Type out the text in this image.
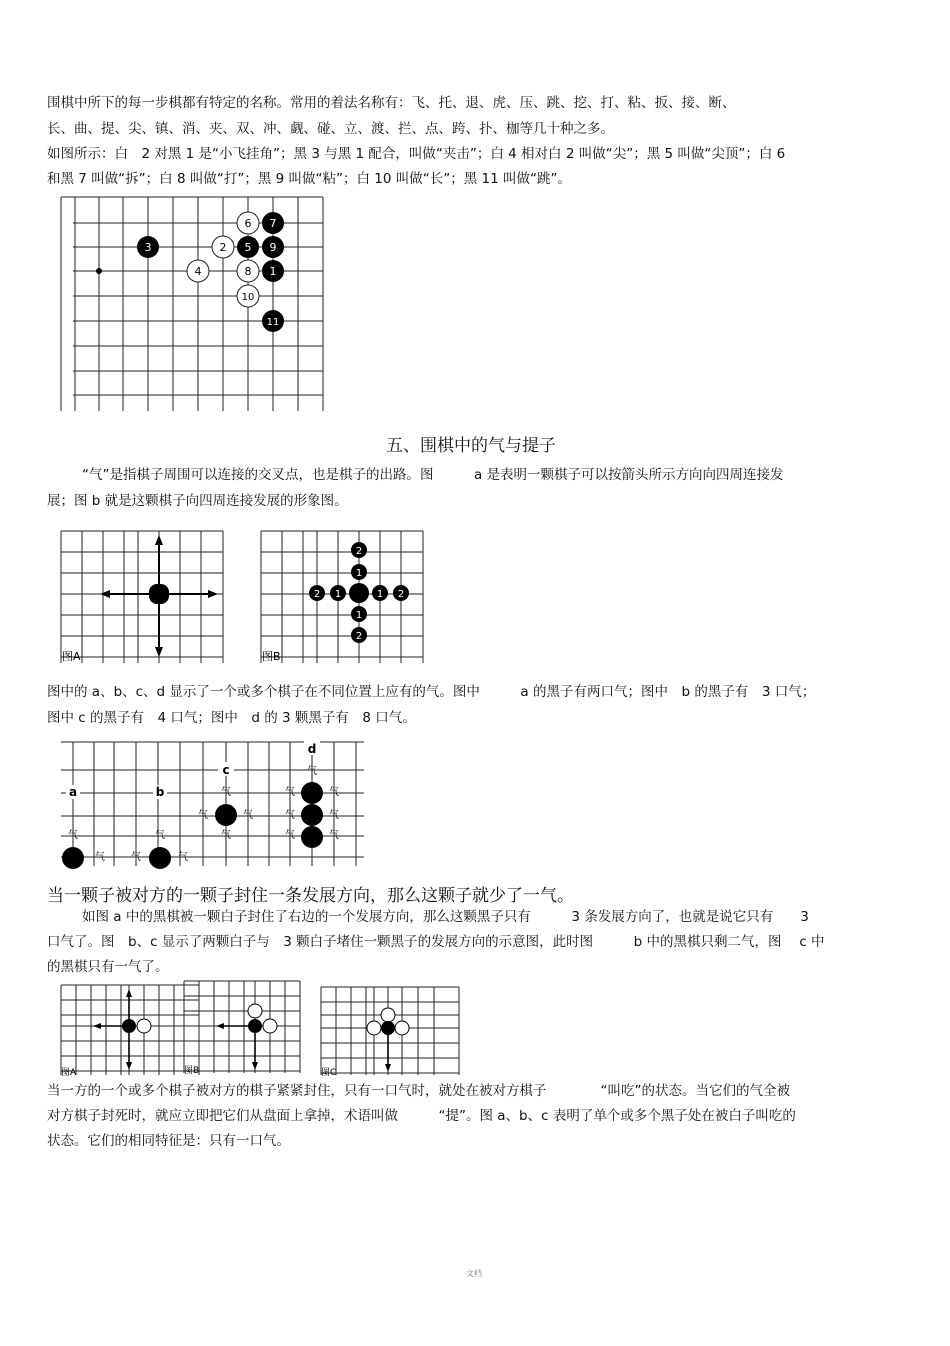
围棋中所下的每一步棋都有特定的名称。常用的着法名称有：飞、托、退、虎、压、跳、挖、打、粘、扳、接、断、
长、曲、提、尖、镇、消、夹、双、冲、觑、碰、立、渡、拦、点、跨、扑、枷等几十种之多。
如图所示：白　2 对黑 1 是“小飞挂角”；黑 3 与黑 1 配合，叫做“夹击”；白 4 相对白 2 叫做“尖”；黑 5 叫做“尖顶”；白 6
和黑 7 叫做“拆”；白 8 叫做“打”；黑 9 叫做“粘”；白 10 叫做“长”；黑 11 叫做“跳”。
6 7
3	2 5 9
4	8 1
10
11
五、围棋中的气与提子
“气”是指棋子周围可以连接的交叉点，也是棋子的出路。图　　　a 是表明一颗棋子可以按箭头所示方向向四周连接发
展；图 b 就是这颗棋子向四周连接发展的形象图。
图A
2
1
2 1	1 2
1
2
图B
图中的 a、b、c、d 显示了一个或多个棋子在不同位置上应有的气。图中　　　a 的黑子有两口气；图中　b 的黑子有　3 口气；
图中 c 的黑子有　4 口气；图中　d 的 3 颗黑子有　8 口气。
a	b
c
d
气
气	气	气
气
气
气	气
气
气
气	气
气	气
气	气
当一颗子被对方的一颗子封住一条发展方向，那么这颗子就少了一气。
如图 a 中的黑棋被一颗白子封住了右边的一个发展方向，那么这颗黑子只有　　　3 条发展方向了，也就是说它只有　　3
口气了。图　b、c 显示了两颗白子与　3 颗白子堵住一颗黑子的发展方向的示意图，此时图　　　b 中的黑棋只剩二气，图　 c 中
的黑棋只有一气了。
图A	图B	图C
当一方的一个或多个棋子被对方的棋子紧紧封住，只有一口气时，就处在被对方棋子　　　　“叫吃”的状态。当它们的气全被
对方棋子封死时，就应立即把它们从盘面上拿掉，术语叫做　　　“提”。图 a、b、c 表明了单个或多个黑子处在被白子叫吃的
状态。它们的相同特征是：只有一口气。
文档
